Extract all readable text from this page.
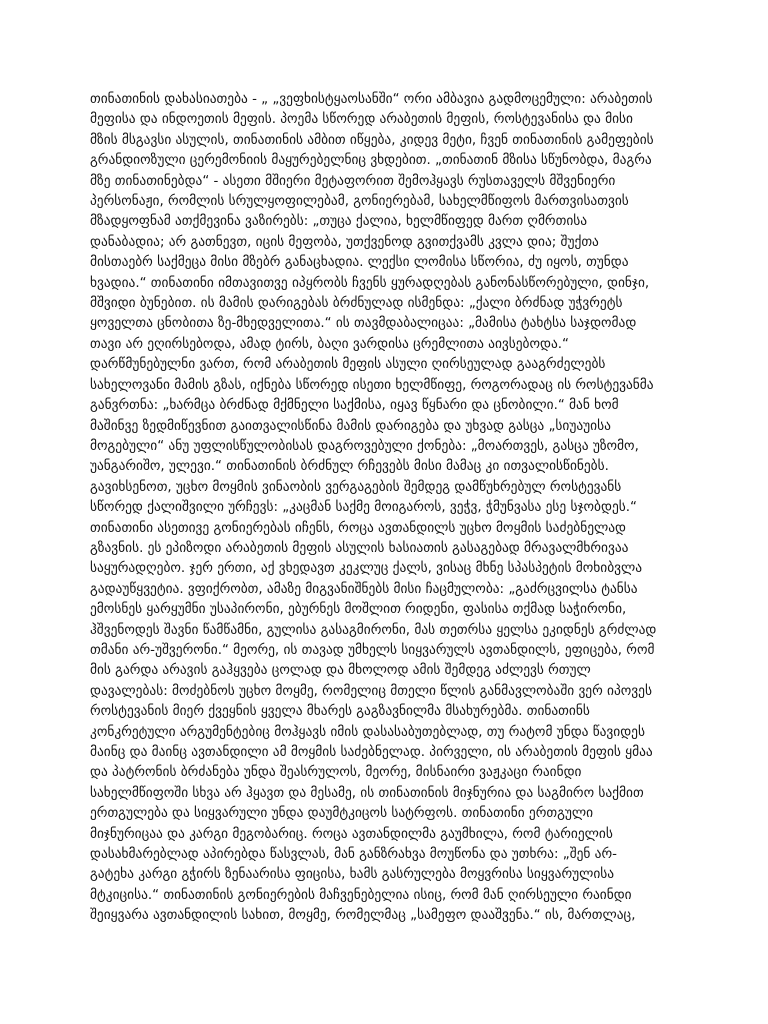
თინათინის დახასიათება - „ „ვეფხისტყაოსანში“ ორი ამბავია გადმოცემული: არაბეთის
მეფისა და ინდოეთის მეფის. პოემა სწორედ არაბეთის მეფის, როსტევანისა და მისი
მზის მსგავსი ასულის, თინათინის ამბით იწყება, კიდევ მეტი, ჩვენ თინათინის გამეფების
გრანდიოზული ცერემონიის მაყურებელნიც ვხდებით. „თინათინ მზისა სწუნობდა, მაგრა
მზე თინათინებდა“ - ასეთი მშიერი მეტაფორით შემოჰყავს რუსთაველს მშვენიერი
პერსონაჟი, რომლის სრულყოფილებამ, გონიერებამ, სახელმწიფოს მართვისათვის
მზადყოფნამ ათქმევინა ვაზირებს: „თუცა ქალია, ხელმწიფედ მართ ღმრთისა
დანაბადია; არ გათნევთ, იცის მეფობა, უთქვენოდ გვითქვამს კვლა დია; შუქთა
მისთაებრ საქმეცა მისი მზებრ განაცხადია. ლექსი ლომისა სწორია, ძუ იყოს, თუნდა
ხვადია.“ თინათინი იმთავითვე იპყრობს ჩვენს ყურადღებას განონასწორებული, დინჯი,
მშვიდი ბუნებით. ის მამის დარიგებას ბრძნულად ისმენდა: „ქალი ბრძნად უჭვრეტს
ყოველთა ცნობითა ზე-მხედველითა.“ ის თავმდაბალიცაა: „მამისა ტახტსა საჯდომად
თავი არ ეღირსებოდა, ამად ტირს, ბაღი ვარდისა ცრემლითა აივსებოდა.“
დარწმუნებულნი ვართ, რომ არაბეთის მეფის ასული ღირსეულად გააგრძელებს
სახელოვანი მამის გზას, იქნება სწორედ ისეთი ხელმწიფე, როგორადაც ის როსტევანმა
განვრთნა: „ხარმცა ბრძნად მქმნელი საქმისა, იყავ წყნარი და ცნობილი.“ მან ხომ
მაშინვე ზედმიწევნით გაითვალისწინა მამის დარიგება და უხვად გასცა „სიუაუისა
მოგებული“ ანუ უფლისწულობისას დაგროვებული ქონება: „მოართვეს, გასცა უზომო,
უანგარიშო, ულევი.“ თინათინის ბრძნულ რჩევებს მისი მამაც კი ითვალისწინებს.
გავიხსენოთ, უცხო მოყმის ვინაობის ვერგაგების შემდეგ დამწუხრებულ როსტევანს
სწორედ ქალიშვილი ურჩევს: „კაცმან საქმე მოიგაროს, ვეჭვ, ჭმუნვასა ესე სჯობდეს.“
თინათინი ასეთივე გონიერებას იჩენს, როცა ავთანდილს უცხო მოყმის საძებნელად
გზავნის. ეს ეპიზოდი არაბეთის მეფის ასულის ხასიათის გასაგებად მრავალმხრივაა
საყურადღებო. ჯერ ერთი, აქ ვხედავთ კეკლუც ქალს, ვისაც მხნე სპასპეტის მოხიბვლა
გადაუწყვეტია. ვფიქრობთ, ამაზე მიგვანიშნებს მისი ჩაცმულობა: „გაძრცვილსა ტანსა
ემოსნეს ყარყუმნი უსაპირონი, ებურნეს მოშლით რიდენი, ფასისა თქმად საჭირონი,
ჰშვენოდეს შავნი წამწამნი, გულისა გასაგმირონი, მას თეთრსა ყელსა ეკიდნეს გრძლად
თმანი არ-უშვერონი.“ მეორე, ის თავად უმხელს სიყვარულს ავთანდილს, ეფიცება, რომ
მის გარდა არავის გაჰყვება ცოლად და მხოლოდ ამის შემდეგ აძლევს რთულ
დავალებას: მოძებნოს უცხო მოყმე, რომელიც მთელი წლის განმავლობაში ვერ იპოვეს
როსტევანის მიერ ქვეყნის ყველა მხარეს გაგზავნილმა მსახურებმა. თინათინს
კონკრეტული არგუმენტებიც მოჰყავს იმის დასასაბუთებლად, თუ რატომ უნდა წავიდეს
მაინც და მაინც ავთანდილი ამ მოყმის საძებნელად. პირველი, ის არაბეთის მეფის ყმაა
და პატრონის ბრძანება უნდა შეასრულოს, მეორე, მისნაირი ვაჟკაცი რაინდი
სახელმწიფოში სხვა არ ჰყავთ და მესამე, ის თინათინის მიჯნურია და საგმირო საქმით
ერთგულება და სიყვარული უნდა დაუმტკიცოს სატრფოს. თინათინი ერთგული
მიჯნურიცაა და კარგი მეგობარიც. როცა ავთანდილმა გაუმხილა, რომ ტარიელის
დასახმარებლად აპირებდა წასვლას, მან განზრახვა მოუწონა და უთხრა: „შენ არ-
გატეხა კარგი გჭირს ზენაარისა ფიცისა, ხამს გასრულება მოყვრისა სიყვარულისა
მტკიცისა.“ თინათინის გონიერების მაჩვენებელია ისიც, რომ მან ღირსეული რაინდი
შეიყვარა ავთანდილის სახით, მოყმე, რომელმაც „სამეფო დააშვენა.“ ის, მართლაც,
